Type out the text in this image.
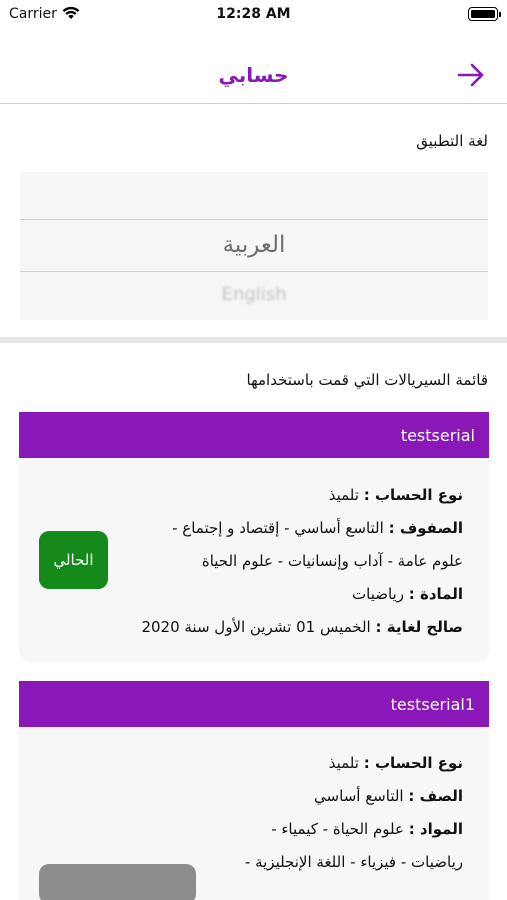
Carrier	12:28 AM
حسابي
لغة التطبيق
العربية
English
قائمة السيريالات التي قمت باستخدامها
testserial
نوع الحساب : تلميذ
الصفوف : التاسع أساسي - إقتصاد و إجتماع -
علوم عامة - آداب وإنسانيات - علوم الحياة
المادة : رياضيات
صالح لغاية : الخميس 01 تشرين الأول سنة 2020
الحالي
testserial1
نوع الحساب : تلميذ
الصف : التاسع أساسي
المواد : علوم الحياة - كيمياء -
رياضيات - فيزياء - اللغة الإنجليزية -
